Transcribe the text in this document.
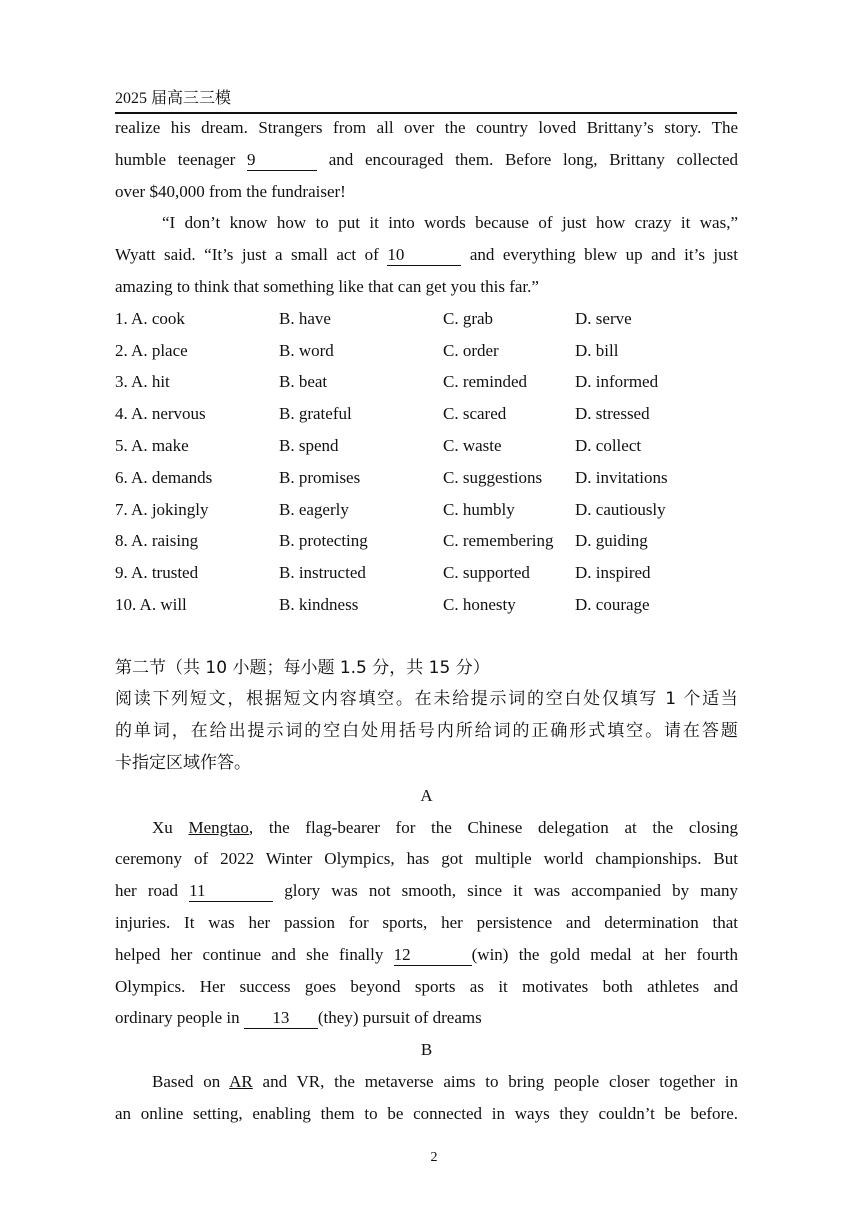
2025 届高三三模
realize his dream. Strangers from all over the country loved Brittany’s story. The
humble teenager 9	and encouraged them. Before long, Brittany collected
over $40,000 from the fundraiser!
“I don’t know how to put it into words because of just how crazy it was,”
Wyatt said. “It’s just a small act of 10	and everything blew up and it’s just
amazing to think that something like that can get you this far.”
1. A. cook	B. have	C. grab	D. serve
2. A. place	B. word	C. order	D. bill
3. A. hit	B. beat	C. reminded	D. informed
4. A. nervous	B. grateful	C. scared	D. stressed
5. A. make	B. spend	C. waste	D. collect
6. A. demands	B. promises	C. suggestions	D. invitations
7. A. jokingly	B. eagerly	C. humbly	D. cautiously
8. A. raising	B. protecting	C. remembering	D. guiding
9. A. trusted	B. instructed	C. supported	D. inspired
10. A. will	B. kindness	C. honesty	D. courage
第二节（共 10 小题；每小题 1.5 分，共 15 分）
阅读下列短文，根据短文内容填空。在未给提示词的空白处仅填写 1 个适当
的单词，在给出提示词的空白处用括号内所给词的正确形式填空。请在答题
卡指定区域作答。
A
Xu Mengtao, the flag-bearer for the Chinese delegation at the closing
ceremony of 2022 Winter Olympics, has got multiple world championships. But
her road 11	glory was not smooth, since it was accompanied by many
injuries. It was her passion for sports, her persistence and determination that
helped her continue and she finally 12	(win) the gold medal at her fourth
Olympics. Her success goes beyond sports as it motivates both athletes and
ordinary people in 13 (they) pursuit of dreams
B
Based on AR and VR, the metaverse aims to bring people closer together in
an online setting, enabling them to be connected in ways they couldn’t be before.
2
